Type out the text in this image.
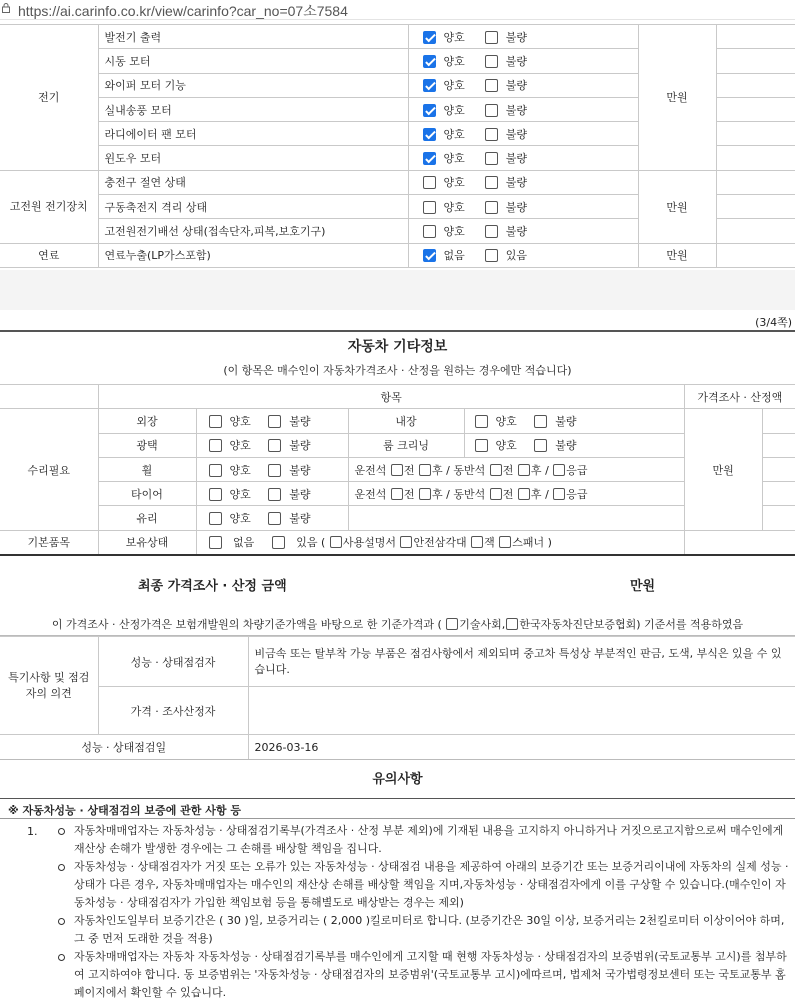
https://ai.carinfo.co.kr/view/carinfo?car_no=07소7584
전기	발전기 출력	양호 불량	만원	
	시동 모터	양호 불량		
	와이퍼 모터 기능	양호 불량		
	실내송풍 모터	양호 불량		
	라디에이터 팬 모터	양호 불량		
	윈도우 모터	양호 불량		
고전원 전기장치	충전구 절연 상태	양호 불량	만원	
	구동축전지 격리 상태	양호 불량		
	고전원전기배선 상태(접속단자,피복,보호기구)	양호 불량		
연료	연료누출(LP가스포함)	없음 있음	만원	
(3/4쪽)
자동차 기타정보
(이 항목은 매수인이 자동차가격조사 · 산정을 원하는 경우에만 적습니다)
	항목				가격조사 · 산정액	
수리필요	외장	양호 불량	내장	양호 불량	만원	
	광택	양호 불량	룸 크리닝	양호 불량		
	휠	양호 불량	운전석 전 후 / 동반석 전 후 / 응급			
	타이어	양호 불량	운전석 전 후 / 동반석 전 후 / 응급			
	유리	양호 불량				
기본품목	보유상태	없음 있음 ( 사용설명서 안전삼각대 잭 스패너 )				
최종 가격조사 · 산정 금액	만원
이 가격조사 · 산정가격은 보험개발원의 차량기준가액을 바탕으로 한 기준가격과 ( 기술사회, 한국자동차진단보증협회) 기준서를 적용하였음
특기사항 및 점검자의 의견	성능 · 상태점검자	비금속 또는 탈부착 가능 부품은 점검사항에서 제외되며 중고차 특성상 부분적인 판금, 도색, 부식은 있을 수 있습니다.
	가격 · 조사산정자	
성능 · 상태점검일		2026-03-16
유의사항
※ 자동차성능 · 상태점검의 보증에 관한 사항 등
1.	자동차매매업자는 자동차성능 · 상태점검기록부(가격조사 · 산정 부분 제외)에 기재된 내용을 고지하지 아니하거나 거짓으로고지함으로써 매수인에게 재산상 손해가 발생한 경우에는 그 손해를 배상할 책임을 집니다.
자동차성능 · 상태점검자가 거짓 또는 오류가 있는 자동차성능 · 상태점검 내용을 제공하여 아래의 보증기간 또는 보증거리이내에 자동차의 실제 성능 · 상태가 다른 경우, 자동차매매업자는 매수인의 재산상 손해를 배상할 책임을 지며,자동차성능 · 상태점검자에게 이를 구상할 수 있습니다.(매수인이 자동차성능 · 상태점검자가 가입한 책임보험 등을 통해별도로 배상받는 경우는 제외)
자동차인도일부터 보증기간은 ( 30 )일, 보증거리는 ( 2,000 )킬로미터로 합니다. (보증기간은 30일 이상, 보증거리는 2천킬로미터 이상이어야 하며, 그 중 먼저 도래한 것을 적용)
자동차매매업자는 자동차 자동차성능 · 상태점검기록부를 매수인에게 고지할 때 현행 자동차성능 · 상태점검자의 보증범위(국토교통부 고시)를 첨부하여 고지하여야 합니다. 동 보증범위는 '자동차성능 · 상태점검자의 보증범위'(국토교통부 고시)에따르며, 법제처 국가법령정보센터 또는 국토교통부 홈페이지에서 확인할 수 있습니다.
